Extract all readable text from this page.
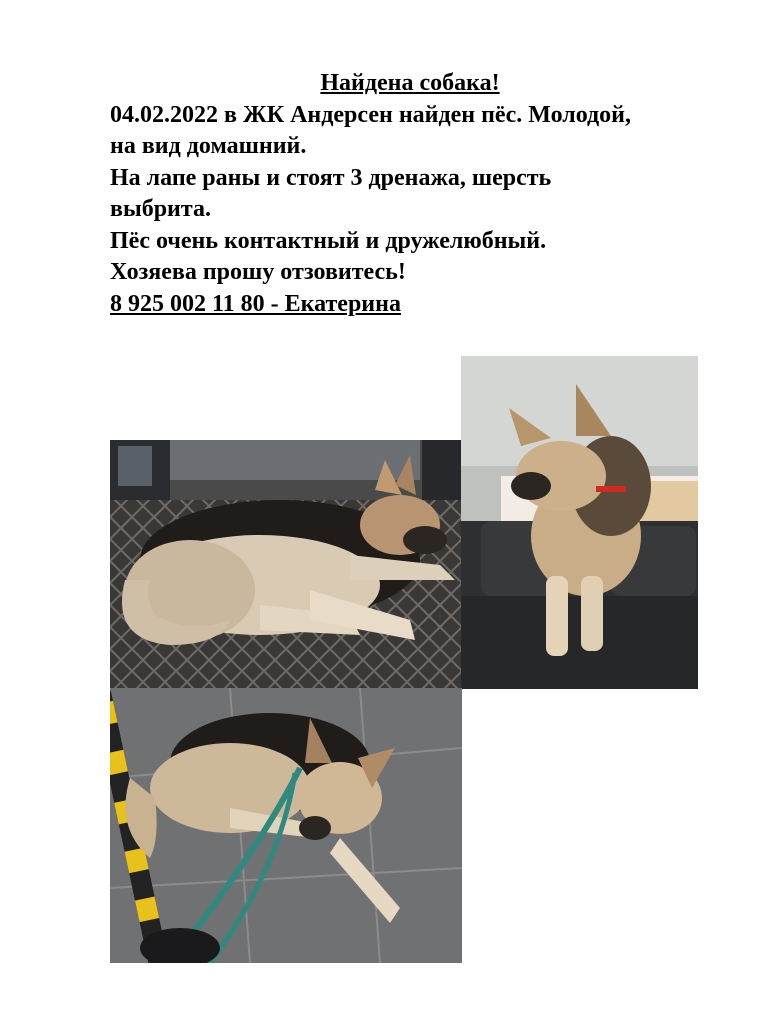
Найдена собака!
04.02.2022 в ЖК Андерсен найден пёс. Молодой,
на вид домашний.
На лапе раны и стоят 3 дренажа, шерсть
выбрита.
Пёс очень контактный и дружелюбный.
Хозяева прошу отзовитесь!
8 925 002 11 80 - Екатерина
